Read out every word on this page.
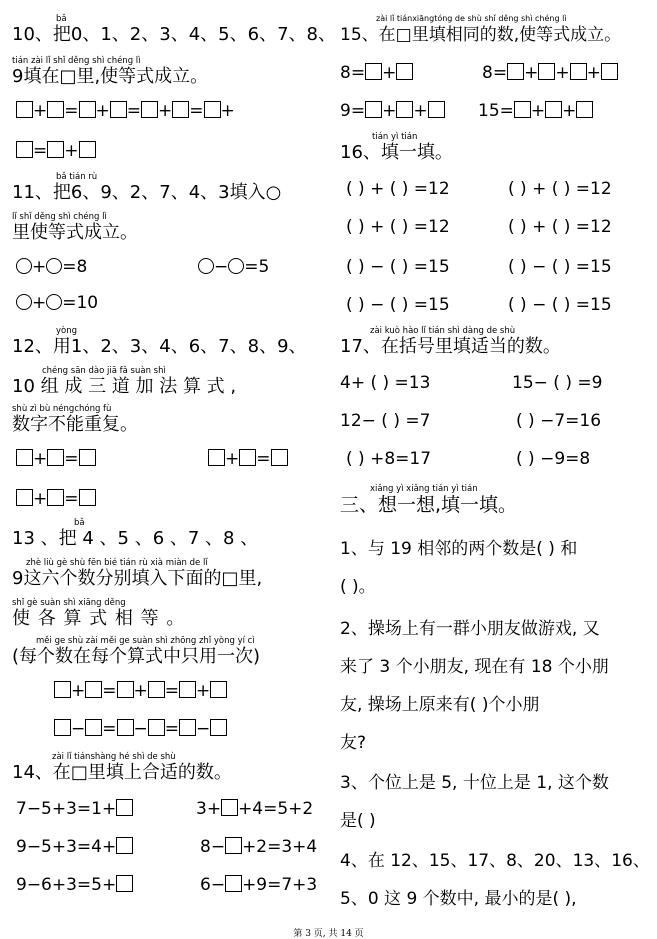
bǎ
10、把0、1、2、3、4、5、6、7、8、
tián zài lǐ shǐ děng shì chéng lì
9填在□里,使等式成立。
+ = + = + = +
= +
bǎ tián rù
11、把6、9、2、7、4、3填入○
lǐ shǐ děng shì chéng lì
里使等式成立。
+ =8	− =5
+ =10
yòng
12、用1、2、3、4、6、7、8、9、
chéng sān dào jiā fǎ suàn shì
10 组 成 三 道 加 法 算 式 ,
shù zì bù néngchóng fù
数字不能重复。
+ =	+ =
+ =
bǎ
13 、把 4 、5 、6 、7 、8 、
zhè liù gè shù fēn bié tián rù xià miàn de lǐ
9这六个数分别填入下面的□里,
shǐ gè suàn shì xiāng děng
使 各 算 式 相 等 。
měi ge shù zài měi ge suàn shì zhōng zhǐ yòng yí cì
(每个数在每个算式中只用一次)
+ = + = +
− = − = −
zài lǐ tiánshàng hé shì de shù
14、在□里填上合适的数。
7−5+3=1+	3+ +4=5+2
9−5+3=4+	8− +2=3+4
9−6+3=5+	6− +9=7+3
zài lǐ tiánxiāngtóng de shù shǐ děng shì chéng lì
15、在□里填相同的数,使等式成立。
8= +	8= + + +
9= + +	15= + +
tián yì tián
16、填一填。
( ) + ( ) =12	( ) + ( ) =12
( ) + ( ) =12	( ) + ( ) =12
( ) − ( ) =15	( ) − ( ) =15
( ) − ( ) =15	( ) − ( ) =15
zài kuò hào lǐ tián shì dàng de shù
17、在括号里填适当的数。
4+ ( ) =13	15− ( ) =9
12− ( ) =7	( ) −7=16
( ) +8=17	( ) −9=8
xiǎng yì xiǎng tián yì tián
三、想一想,填一填。
1、与 19 相邻的两个数是( ) 和
( )。
2、操场上有一群小朋友做游戏, 又
来了 3 个小朋友, 现在有 18 个小朋
友, 操场上原来有( )个小朋
友?
3、个位上是 5, 十位上是 1, 这个数
是( )
4、在 12、15、17、8、20、13、16、
5、0 这 9 个数中, 最小的是( ),
第 3 页, 共 14 页
